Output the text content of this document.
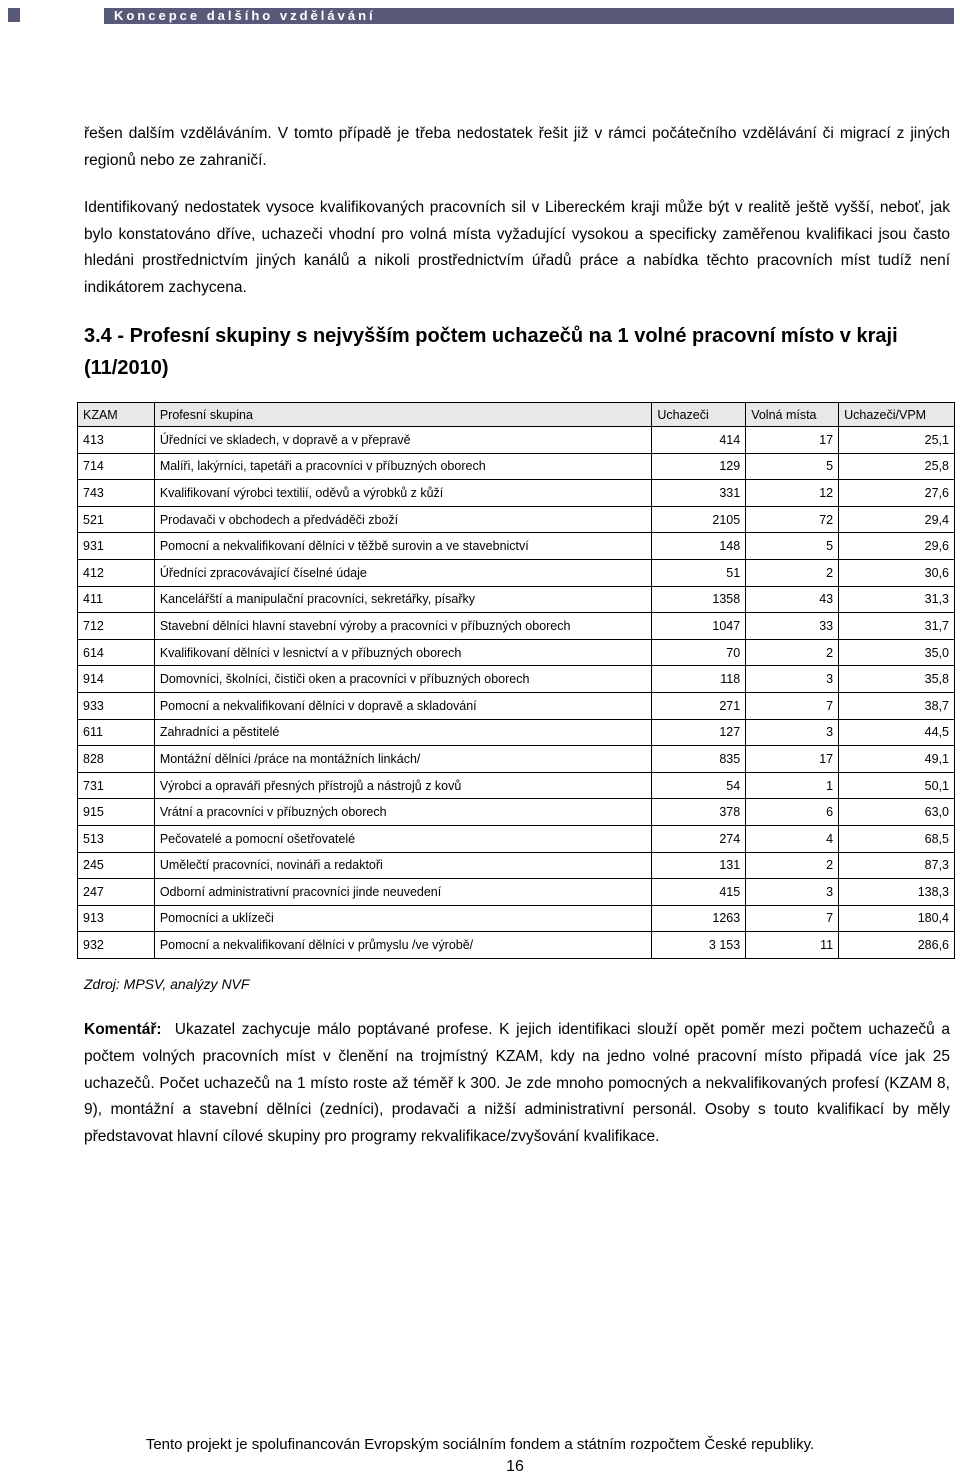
Koncepce dalšího vzdělávání
řešen dalším vzděláváním. V tomto případě je třeba nedostatek řešit již v rámci počátečního vzdělávání či migrací z jiných regionů nebo ze zahraničí.
Identifikovaný nedostatek vysoce kvalifikovaných pracovních sil v Libereckém kraji může být v realitě ještě vyšší, neboť, jak bylo konstatováno dříve, uchazeči vhodní pro volná místa vyžadující vysokou a specificky zaměřenou kvalifikaci jsou často hledáni prostřednictvím jiných kanálů a nikoli prostřednictvím úřadů práce a nabídka těchto pracovních míst tudíž není indikátorem zachycena.
3.4 - Profesní skupiny s nejvyšším počtem uchazečů na 1 volné pracovní místo v kraji (11/2010)
KZAM	Profesní skupina	Uchazeči	Volná místa	Uchazeči/VPM
413	Úředníci ve skladech, v dopravě a v přepravě	414	17	25,1
714	Malíři, lakýrníci, tapetáři a pracovníci v příbuzných oborech	129	5	25,8
743	Kvalifikovaní výrobci textilií, oděvů a výrobků z kůží	331	12	27,6
521	Prodavači v obchodech a předváděči zboží	2105	72	29,4
931	Pomocní a nekvalifikovaní dělníci v těžbě surovin a ve stavebnictví	148	5	29,6
412	Úředníci zpracovávající číselné údaje	51	2	30,6
411	Kancelářští a manipulační pracovníci, sekretářky, písařky	1358	43	31,3
712	Stavební dělníci hlavní stavební výroby a pracovníci v příbuzných oborech	1047	33	31,7
614	Kvalifikovaní dělníci v lesnictví a v příbuzných oborech	70	2	35,0
914	Domovníci, školníci, čističi oken a pracovníci v příbuzných oborech	118	3	35,8
933	Pomocní a nekvalifikovaní dělníci v dopravě a skladování	271	7	38,7
611	Zahradníci a pěstitelé	127	3	44,5
828	Montážní dělníci /práce na montážních linkách/	835	17	49,1
731	Výrobci a opraváři přesných přístrojů a nástrojů z kovů	54	1	50,1
915	Vrátní a pracovníci v příbuzných oborech	378	6	63,0
513	Pečovatelé a pomocní ošetřovatelé	274	4	68,5
245	Umělečtí pracovníci, novináři a redaktoři	131	2	87,3
247	Odborní administrativní pracovníci jinde neuvedení	415	3	138,3
913	Pomocníci a uklízeči	1263	7	180,4
932	Pomocní a nekvalifikovaní dělníci v průmyslu /ve výrobě/	3 153	11	286,6
Zdroj: MPSV, analýzy NVF
Komentář: Ukazatel zachycuje málo poptávané profese. K jejich identifikaci slouží opět poměr mezi počtem uchazečů a počtem volných pracovních míst v členění na trojmístný KZAM, kdy na jedno volné pracovní místo připadá více jak 25 uchazečů. Počet uchazečů na 1 místo roste až téměř k 300. Je zde mnoho pomocných a nekvalifikovaných profesí (KZAM 8, 9), montážní a stavební dělníci (zedníci), prodavači a nižší administrativní personál. Osoby s touto kvalifikací by měly představovat hlavní cílové skupiny pro programy rekvalifikace/zvyšování kvalifikace.
Tento projekt je spolufinancován Evropským sociálním fondem a státním rozpočtem České republiky.
16
